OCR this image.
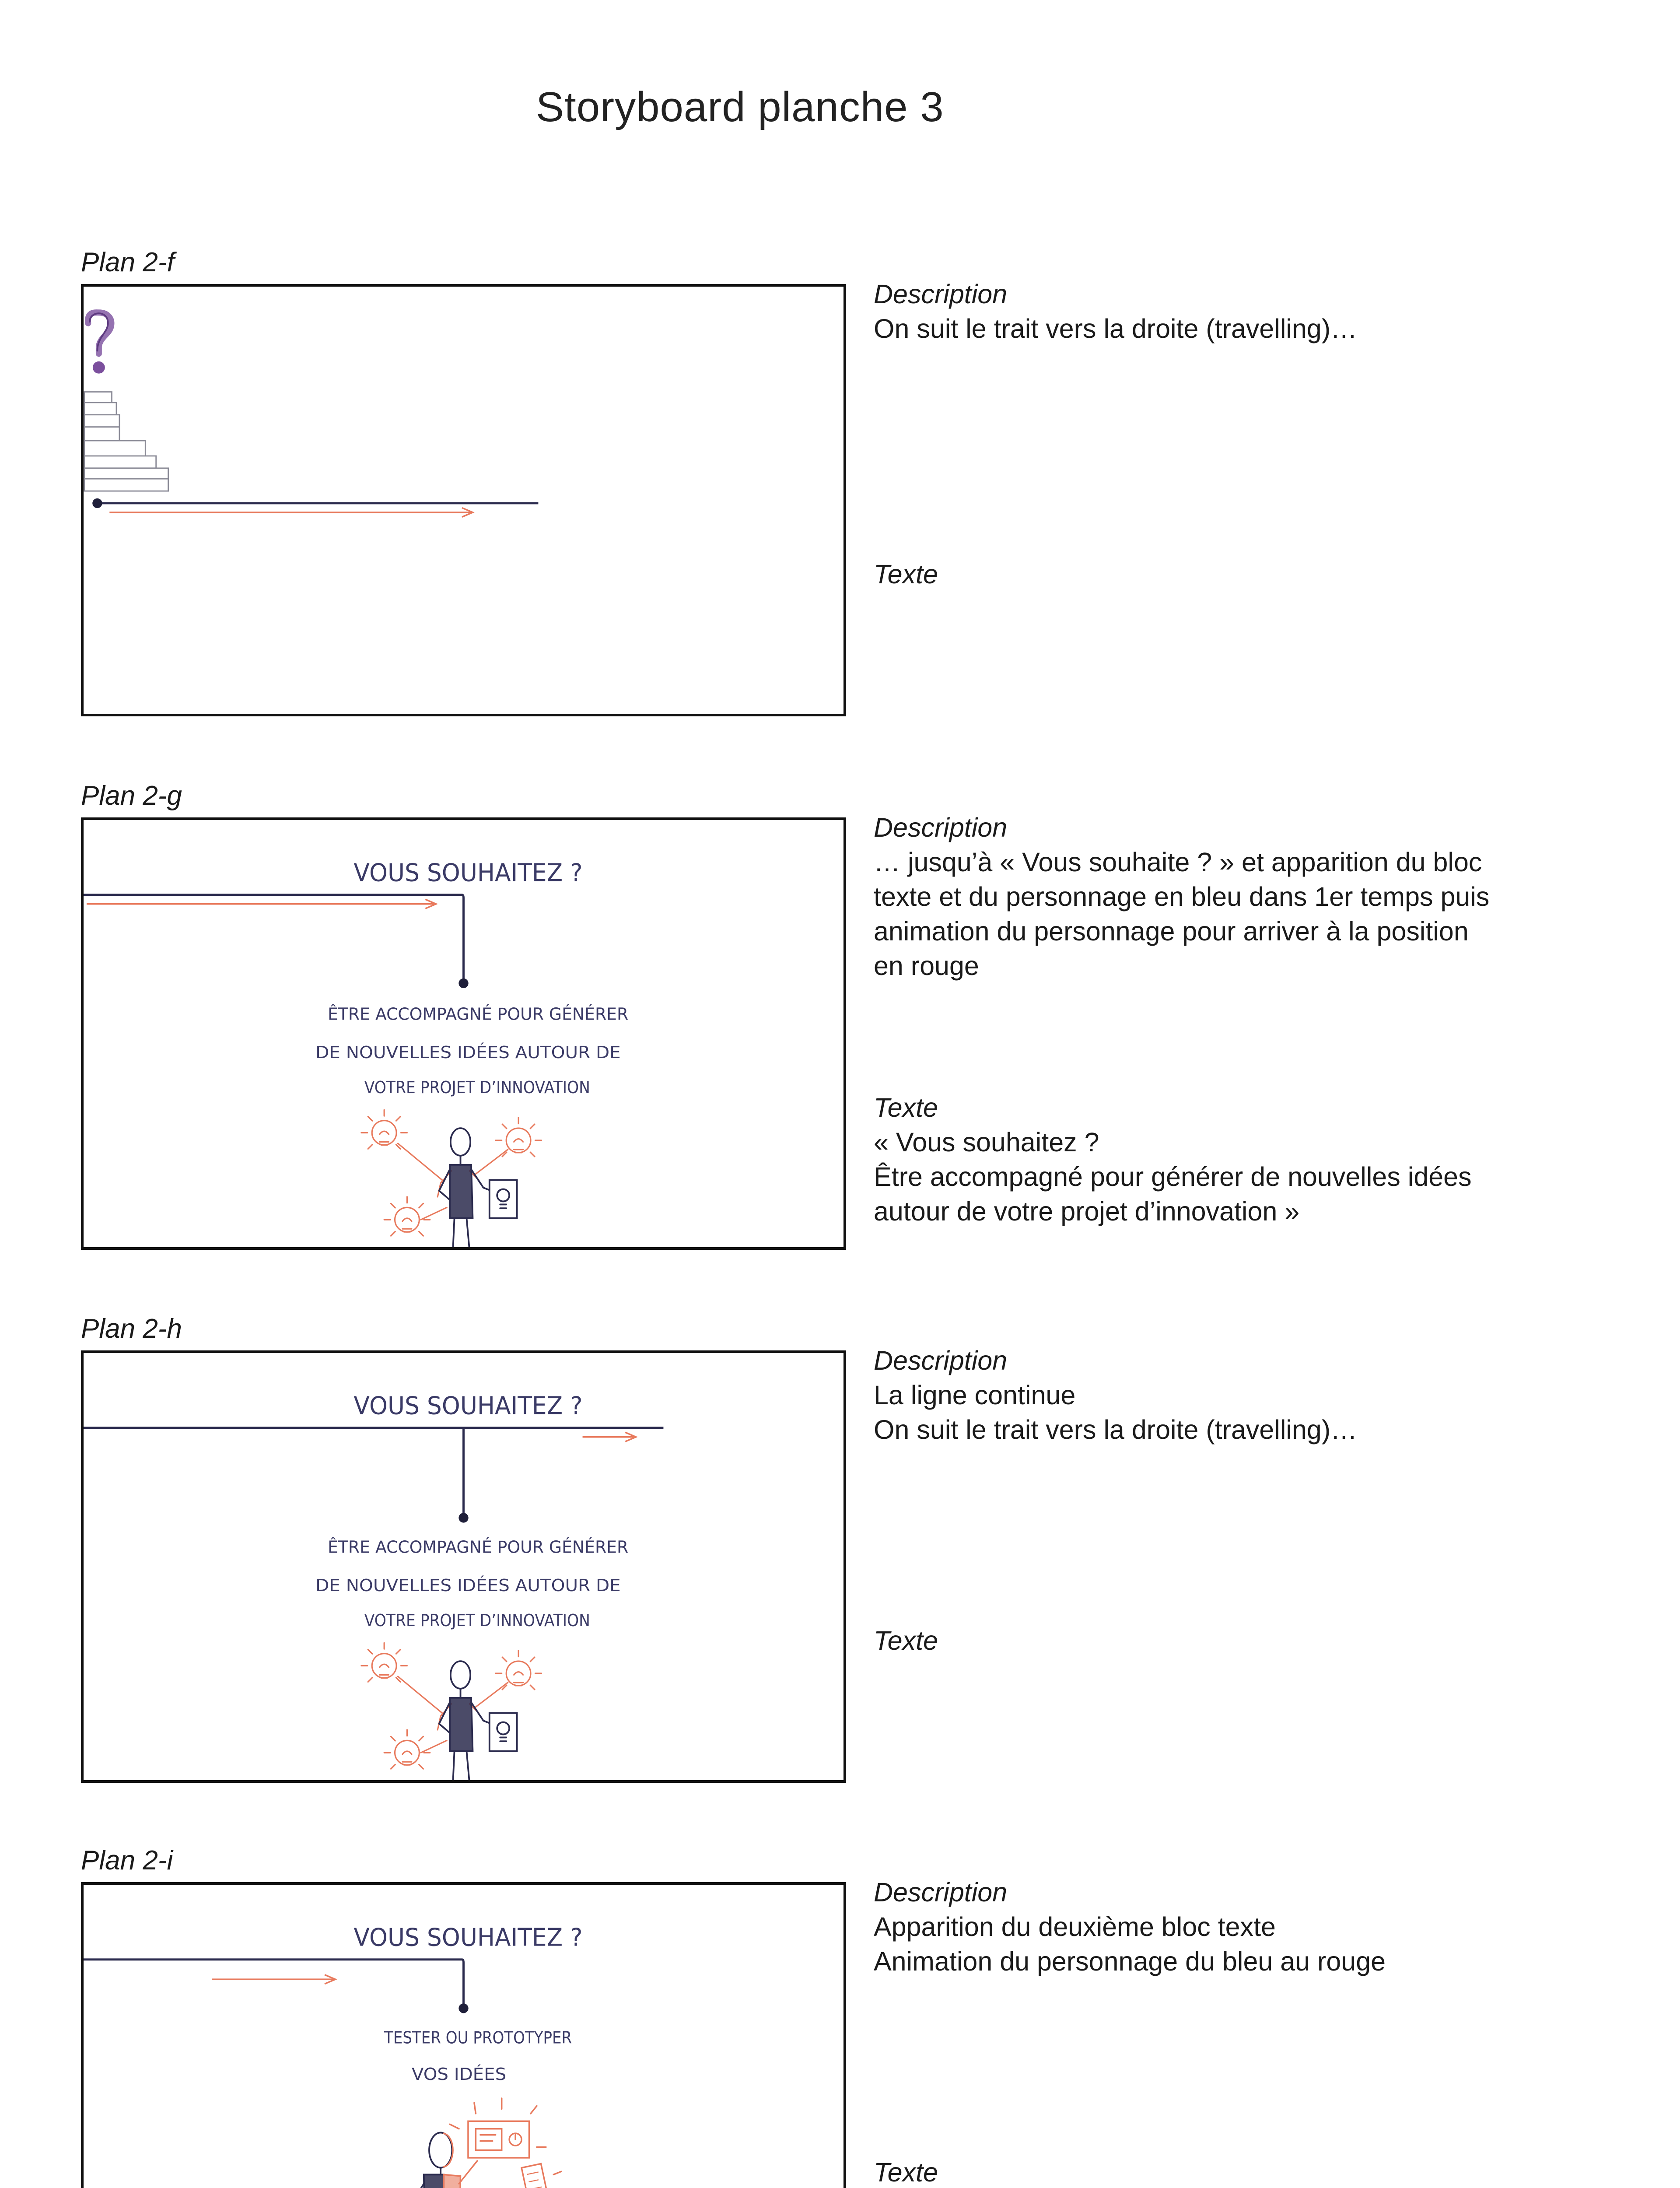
Storyboard planche 3
Plan 2-f
Description
On suit le trait vers la droite (travelling)…
Texte
Plan 2-g
VOUS SOUHAITEZ ?
ÊTRE ACCOMPAGNÉ POUR GÉNÉRER
DE NOUVELLES IDÉES AUTOUR DE
VOTRE PROJET D’INNOVATION
Description
… jusqu’à « Vous souhaite ? » et apparition du bloc
texte et du personnage en bleu dans 1er temps puis
animation du personnage pour arriver à la position
en rouge
Texte
« Vous souhaitez ?
Être accompagné pour générer de nouvelles idées
autour de votre projet d’innovation »
Plan 2-h
VOUS SOUHAITEZ ?
ÊTRE ACCOMPAGNÉ POUR GÉNÉRER
DE NOUVELLES IDÉES AUTOUR DE
VOTRE PROJET D’INNOVATION
Description
La ligne continue
On suit le trait vers la droite (travelling)…
Texte
Plan 2-i
VOUS SOUHAITEZ ?
TESTER OU PROTOTYPER
VOS IDÉES
Description
Apparition du deuxième bloc texte
Animation du personnage du bleu au rouge
Texte
